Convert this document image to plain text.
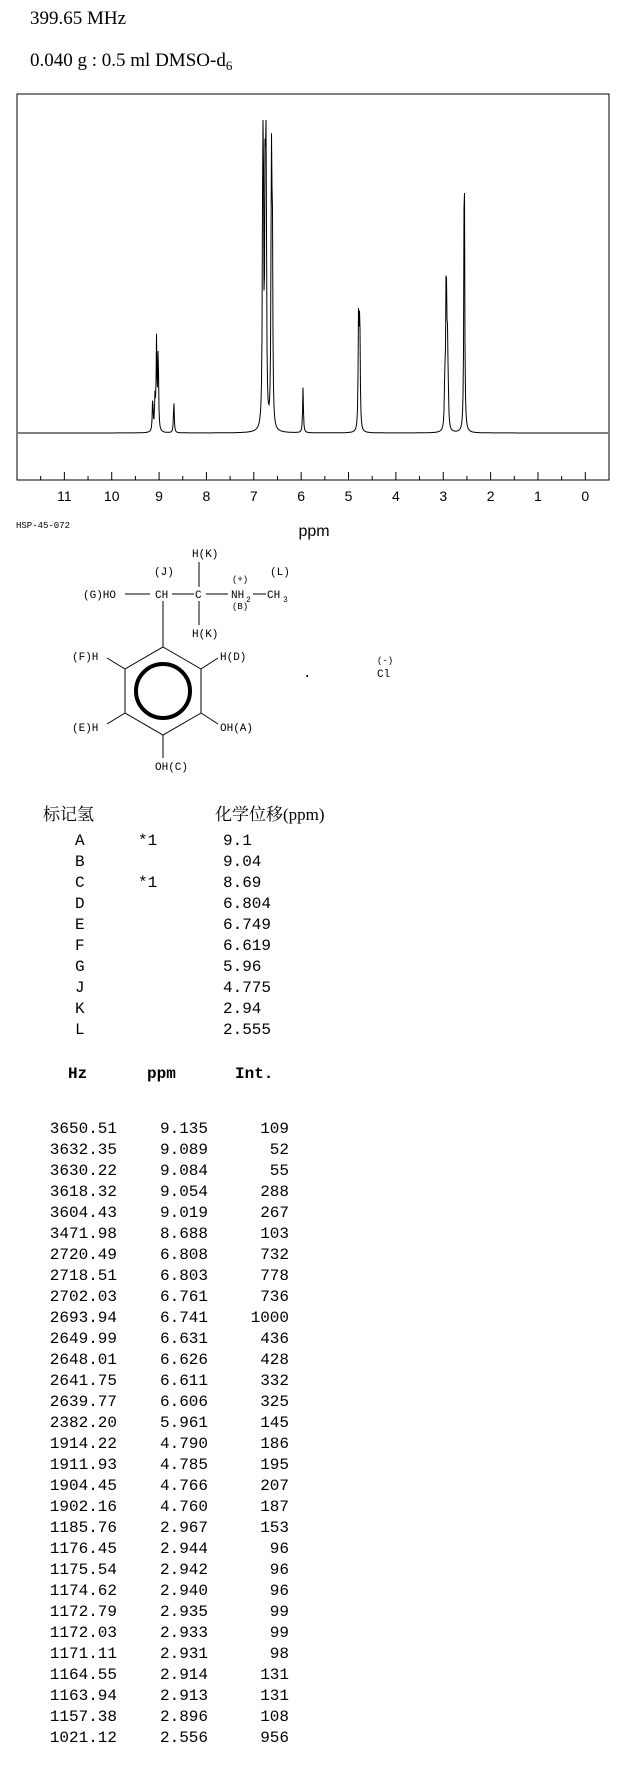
399.65 MHz
0.040 g : 0.5 ml DMSO-$d_6$
11 10	9	8	7	6	5	4	3	2	1	0
ppm
HSP-45-072
(G)HO
(J)
CH
H(K)
C
H(K)
(+)
NH 2
(B)
(L)
CH 3
(F)H	H(D)
(E)H	OH(A)
OH(C)
.
(-)
Cl
标记氢	化学位移(ppm)
A	*1	9.1
B	9.04
C	*1	8.69
D	6.804
E	6.749
F	6.619
G	5.96
J	4.775
K	2.94
L	2.555
Hz	ppm	Int.
3650.51	9.135	109
3632.35	9.089	52
3630.22	9.084	55
3618.32	9.054	288
3604.43	9.019	267
3471.98	8.688	103
2720.49	6.808	732
2718.51	6.803	778
2702.03	6.761	736
2693.94	6.741	1000
2649.99	6.631	436
2648.01	6.626	428
2641.75	6.611	332
2639.77	6.606	325
2382.20	5.961	145
1914.22	4.790	186
1911.93	4.785	195
1904.45	4.766	207
1902.16	4.760	187
1185.76	2.967	153
1176.45	2.944	96
1175.54	2.942	96
1174.62	2.940	96
1172.79	2.935	99
1172.03	2.933	99
1171.11	2.931	98
1164.55	2.914	131
1163.94	2.913	131
1157.38	2.896	108
1021.12	2.556	956
